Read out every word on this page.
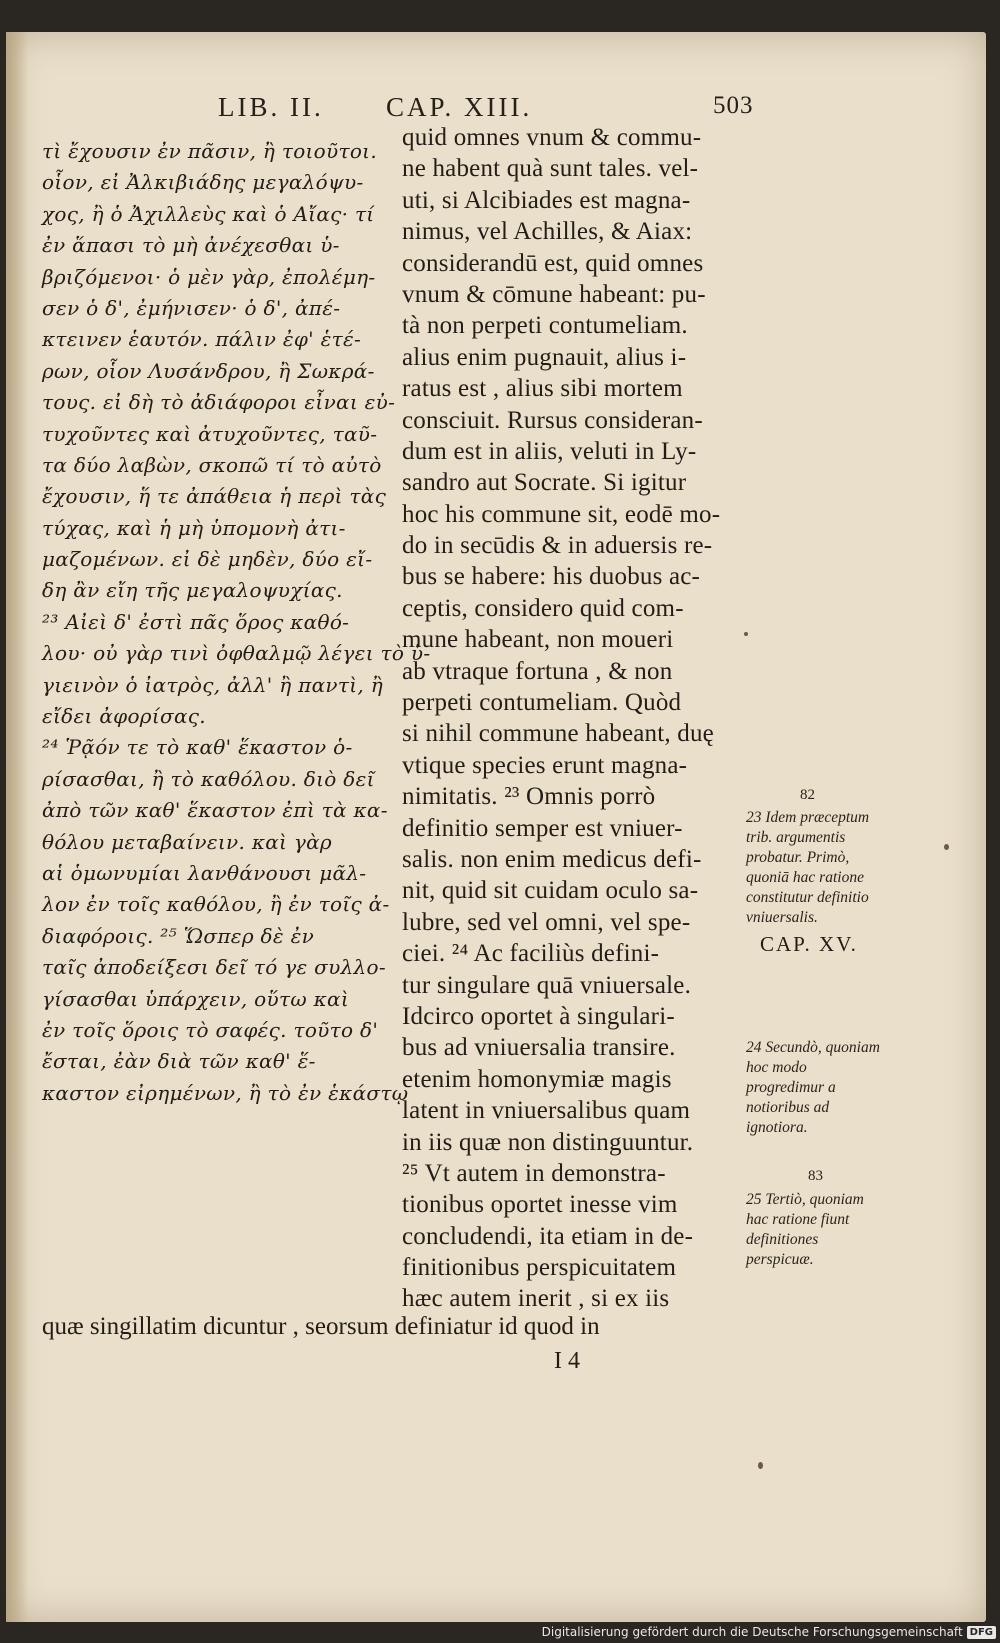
LIB. II. CAP. XIII.	503
τὶ ἔχουσιν ἐν πᾶσιν, ἢ τοιοῦτοι.
οἷον, εἰ Ἀλκιβιάδης μεγαλόψυ-
χος, ἢ ὁ Ἀχιλλεὺς καὶ ὁ Αἴας· τί
ἐν ἅπασι τὸ μὴ ἀνέχεσθαι ὑ-
βριζόμενοι· ὁ μὲν γὰρ, ἐπολέμη-
σεν ὁ δ', ἐμήνισεν· ὁ δ', ἀπέ-
κτεινεν ἑαυτόν. πάλιν ἐφ' ἑτέ-
ρων, οἷον Λυσάνδρου, ἢ Σωκρά-
τους. εἰ δὴ τὸ ἀδιάφοροι εἶναι εὐ-
τυχοῦντες καὶ ἀτυχοῦντες, ταῦ-
τα δύο λαβὼν, σκοπῶ τί τὸ αὐτὸ
ἔχουσιν, ἥ τε ἀπάθεια ἡ περὶ τὰς
τύχας, καὶ ἡ μὴ ὑπομονὴ ἀτι-
μαζομένων. εἰ δὲ μηδὲν, δύο εἴ-
δη ἂν εἴη τῆς μεγαλοψυχίας.
²³ Αἰεὶ δ' ἐστὶ πᾶς ὅρος καθό-
λου· οὐ γὰρ τινὶ ὀφθαλμῷ λέγει τὸ ὑ-
γιεινὸν ὁ ἰατρὸς, ἀλλ' ἢ παντὶ, ἢ
εἴδει ἀφορίσας.
²⁴ Ῥᾷόν τε τὸ καθ' ἕκαστον ὁ-
ρίσασθαι, ἢ τὸ καθόλου. διὸ δεῖ
ἀπὸ τῶν καθ' ἕκαστον ἐπὶ τὰ κα-
θόλου μεταβαίνειν. καὶ γὰρ
αἱ ὁμωνυμίαι λανθάνουσι μᾶλ-
λον ἐν τοῖς καθόλου, ἢ ἐν τοῖς ἀ-
διαφόροις. ²⁵ Ὥσπερ δὲ ἐν
ταῖς ἀποδείξεσι δεῖ τό γε συλλο-
γίσασθαι ὑπάρχειν, οὕτω καὶ
ἐν τοῖς ὅροις τὸ σαφές. τοῦτο δ'
ἔσται, ἐὰν διὰ τῶν καθ' ἕ-
καστον εἰρημένων, ἢ τὸ ἐν ἑκάστῳ
quid omnes vnum & commu-
ne habent quà sunt tales. vel-
uti, si Alcibiades est magna-
nimus, vel Achilles, & Aiax:
considerandū est, quid omnes
vnum & cōmune habeant: pu-
tà non perpeti contumeliam.
alius enim pugnauit, alius i-
ratus est , alius sibi mortem
consciuit. Rursus consideran-
dum est in aliis, veluti in Ly-
sandro aut Socrate. Si igitur
hoc his commune sit, eodē mo-
do in secūdis & in aduersis re-
bus se habere: his duobus ac-
ceptis, considero quid com-
mune habeant, non moueri
ab vtraque fortuna , & non
perpeti contumeliam. Quòd
si nihil commune habeant, duę
vtique species erunt magna-
nimitatis. ²³ Omnis porrò
definitio semper est vniuer-
salis. non enim medicus defi-
nit, quid sit cuidam oculo sa-
lubre, sed vel omni, vel spe-
ciei. ²⁴ Ac faciliùs defini-
tur singulare quā vniuersale.
Idcirco oportet à singulari-
bus ad vniuersalia transire.
etenim homonymiæ magis
latent in vniuersalibus quam
in iis quæ non distinguuntur.
²⁵ Vt autem in demonstra-
tionibus oportet inesse vim
concludendi, ita etiam in de-
finitionibus perspicuitatem
hæc autem inerit , si ex iis
quæ singillatim dicuntur , seorsum definiatur id quod in
I 4
82

23 Idem præceptum trib. argumentis probatur. Primò, quoniā hac ratione constitutur definitio vniuersalis.

CAP. XV.

24 Secundò, quoniam hoc modo progredimur a notioribus ad ignotiora.

83

25 Tertiò, quoniam hac ratione fiunt definitiones perspicuæ.

Digitalisierung gefördert durch die Deutsche Forschungsgemeinschaft DFG
